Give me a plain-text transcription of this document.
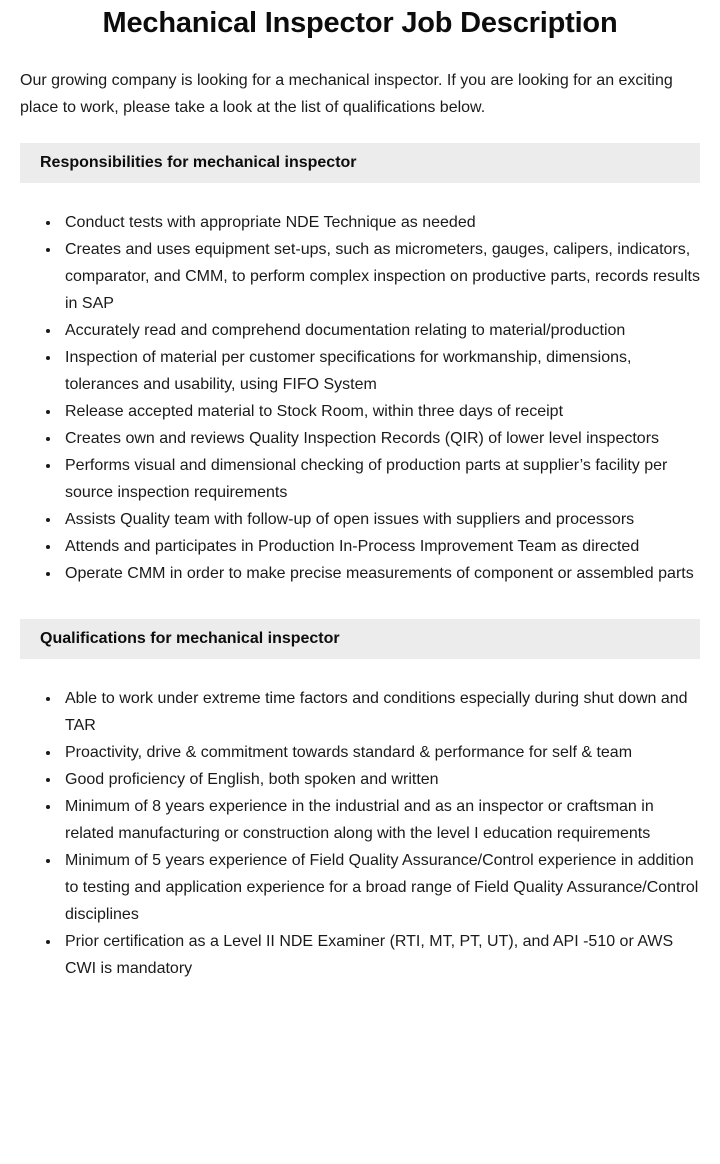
Mechanical Inspector Job Description

Our growing company is looking for a mechanical inspector. If you are looking for an exciting place to work, please take a look at the list of qualifications below.

Responsibilities for mechanical inspector
• Conduct tests with appropriate NDE Technique as needed
• Creates and uses equipment set-ups, such as micrometers, gauges, calipers, indicators, comparator, and CMM, to perform complex inspection on productive parts, records results in SAP
• Accurately read and comprehend documentation relating to material/production
• Inspection of material per customer specifications for workmanship, dimensions, tolerances and usability, using FIFO System
• Release accepted material to Stock Room, within three days of receipt
• Creates own and reviews Quality Inspection Records (QIR) of lower level inspectors
• Performs visual and dimensional checking of production parts at supplier’s facility per source inspection requirements
• Assists Quality team with follow-up of open issues with suppliers and processors
• Attends and participates in Production In-Process Improvement Team as directed
• Operate CMM in order to make precise measurements of component or assembled parts
Qualifications for mechanical inspector
• Able to work under extreme time factors and conditions especially during shut down and TAR
• Proactivity, drive & commitment towards standard & performance for self & team
• Good proficiency of English, both spoken and written
• Minimum of 8 years experience in the industrial and as an inspector or craftsman in related manufacturing or construction along with the level I education requirements
• Minimum of 5 years experience of Field Quality Assurance/Control experience in addition to testing and application experience for a broad range of Field Quality Assurance/Control disciplines
• Prior certification as a Level II NDE Examiner (RTI, MT, PT, UT), and API -510 or AWS CWI is mandatory
